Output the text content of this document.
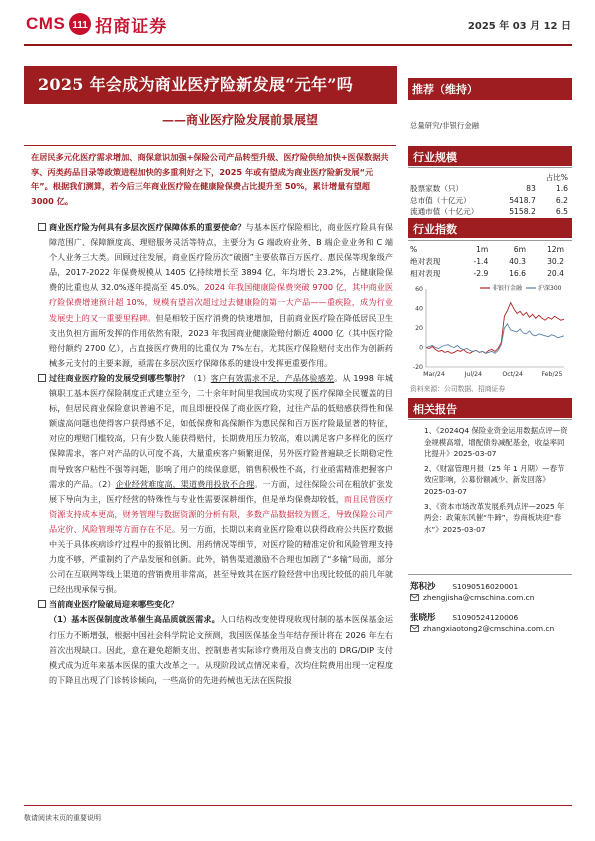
CMS 111 招商证券	2025 年 03 月 12 日
2025 年会成为商业医疗险新发展“元年”吗
——商业医疗险发展前景展望
推荐（维持）
总量研究/非银行金融
在居民多元化医疗需求增加、商保意识加强+保险公司产品转型升级、医疗险供给加快+医保数据共享、丙类药品目录等政策进程加快的多重利好之下，2025 年或有望成为商业医疗险新发展“元年”。根据我们测算，若今后三年商业医疗险在健康险保费占比提升至 50%，累计增量有望超 3000 亿。
商业医疗险为何具有多层次医疗保障体系的重要使命？与基本医疗保险相比，商业医疗险具有保障范围广、保障额度高、理赔服务灵活等特点，主要分为 G 端政府业务、B 端企业业务和 C 端个人业务三大类。回顾过往发展，商业医疗险历次“破圈”主要依靠百万医疗、惠民保等现象级产品，2017-2022 年保费规模从 1405 亿持续增长至 3894 亿，年均增长 23.2%，占健康险保费的比重也从 32.0%逐年提高至 45.0%。2024 年我国健康险保费突破 9700 亿，其中商业医疗险保费增速预计超 10%，规模有望首次超过过去健康险的第一大产品——重疾险，成为行业发展史上的又一重要里程碑。但是相较于医疗消费的快速增加，目前商业医疗险在降低居民卫生支出负担方面所发挥的作用依然有限，2023 年我国商业健康险赔付额近 4000 亿（其中医疗险赔付额约 2700 亿），占直接医疗费用的比重仅为 7%左右，尤其医疗保险赔付支出作为创新药械多元支付的主要来源，亟需在多层次医疗保障体系的建设中发挥更重要作用。
过往商业医疗险的发展受到哪些掣肘？（1）客户有效需求不足，产品体验感差。从 1998 年城镇职工基本医疗保险制度正式建立至今，二十余年时间里我国成功实现了医疗保障全民覆盖的目标，但居民商业保险意识普遍不足，而且即便投保了商业医疗险，过往产品的低赔感获得性和保额虚高问题也使得客户获得感不足，如低保费和高保额作为惠民保和百万医疗险最显著的特征，对应的理赔门槛较高，只有少数人能获得赔付，长期费用压力较高，难以满足客户多样化的医疗保障需求，客户对产品的认可度不高，大量重疾客户频繁退保，另外医疗险普遍缺乏长期稳定性而导致客户粘性不强等问题，影响了用户的续保意愿，销售积极性不高，行业亟需精准把握客户需求的产品。（2）企业经营难度高，渠道费用投放不合理。一方面，过往保险公司在粗放扩张发展下导向为主，医疗经营的特殊性与专业性需要深耕细作，但是单均保费却较低，而且民营医疗资源支持成本更高，财务管理与数据资源的分析有限，多数产品数据较为匮乏，导致保险公司产品定价、风险管理等方面存在不足。另一方面，长期以来商业医疗险难以获得政府公共医疗数据中关于具体疾病诊疗过程中的报销比例、用药情况等细节，对医疗险的精准定价和风险管理支持力度不够，严重制约了产品发展和创新。此外，销售渠道激励不合理也加剧了“多输”局面，部分公司在互联网等线上渠道的营销费用非常高，甚至导致其在医疗险经营中出现比较低的前几年就已经出现承保亏损。
当前商业医疗险破局迎来哪些变化？
（1）基本医保制度改革催生高品质就医需求。人口结构改变使得现收现付制的基本医保基金运行压力不断增强，根据中国社会科学院论文预测，我国医保基金当年结存预计将在 2026 年左右首次出现缺口。因此，意在避免超额支出、控制患者实际诊疗费用及自费支出的 DRG/DIP 支付模式成为近年来基本医保的重大改革之一。从现阶段试点情况来看，次均住院费用出现一定程度的下降且出现了门诊转诊倾向，一些高价的先进药械也无法在医院报
行业规模
		占比%
股票家数（只）	83	1.6
总市值（十亿元）	5418.7	6.2
流通市值（十亿元）	5158.2	6.5
行业指数
%	1m	6m	12m
绝对表现	-1.4	40.3	30.2
相对表现	-2.9	16.6	20.4
-20
0
20
40
60
Mar/24	Jul/24	Oct/24	Feb/25
非银行金融	沪深300
资料来源：公司数据、招商证券
相关报告
1、《2024Q4 保险业资金运用数据点评—资金规模高增，增配债券减配基金，收益率同比提升》2025-03-07
2、《财富管理月报（25 年 1 月期）—春节效应影响，公募份额减少、新发回落》2025-03-07
3、《资本市场改革发展系列点评—2025 年两会：政策东风催“牛蹄”，券商板块迎“春水”》2025-03-07
郑积沙 S1090516020001
zhengjisha@cmschina.com.cn
张晓彤 S1090524120006
zhangxiaotong2@cmschina.com.cn
敬请阅读末页的重要说明
